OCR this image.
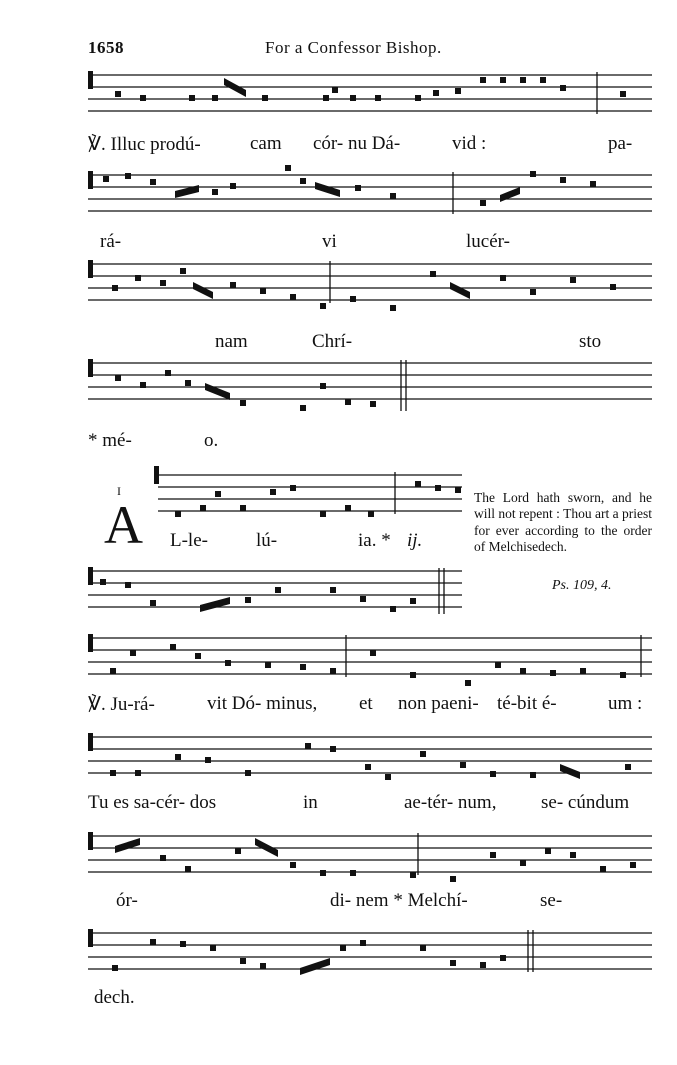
1658	For a Confessor Bishop.
℣. Illuc prodú-	cam cór- nu Dá-	vid :	pa-
rá-	vi	lucér-
nam	Chrí-	sto
* mé-	o.
I
A L-le-	lú-	ia. * ij.

The Lord hath sworn, and he will not repent : Thou art a priest for ever according to the order of Melchisedech.

Ps. 109, 4.
℣. Ju-rá-	vit Dó- minus, et non paeni- té-bit é-	um :
Tu es sa-cér- dos	in	ae-tér- num, se- cúndum
ór-	di- nem * Melchí-	se-
dech.
